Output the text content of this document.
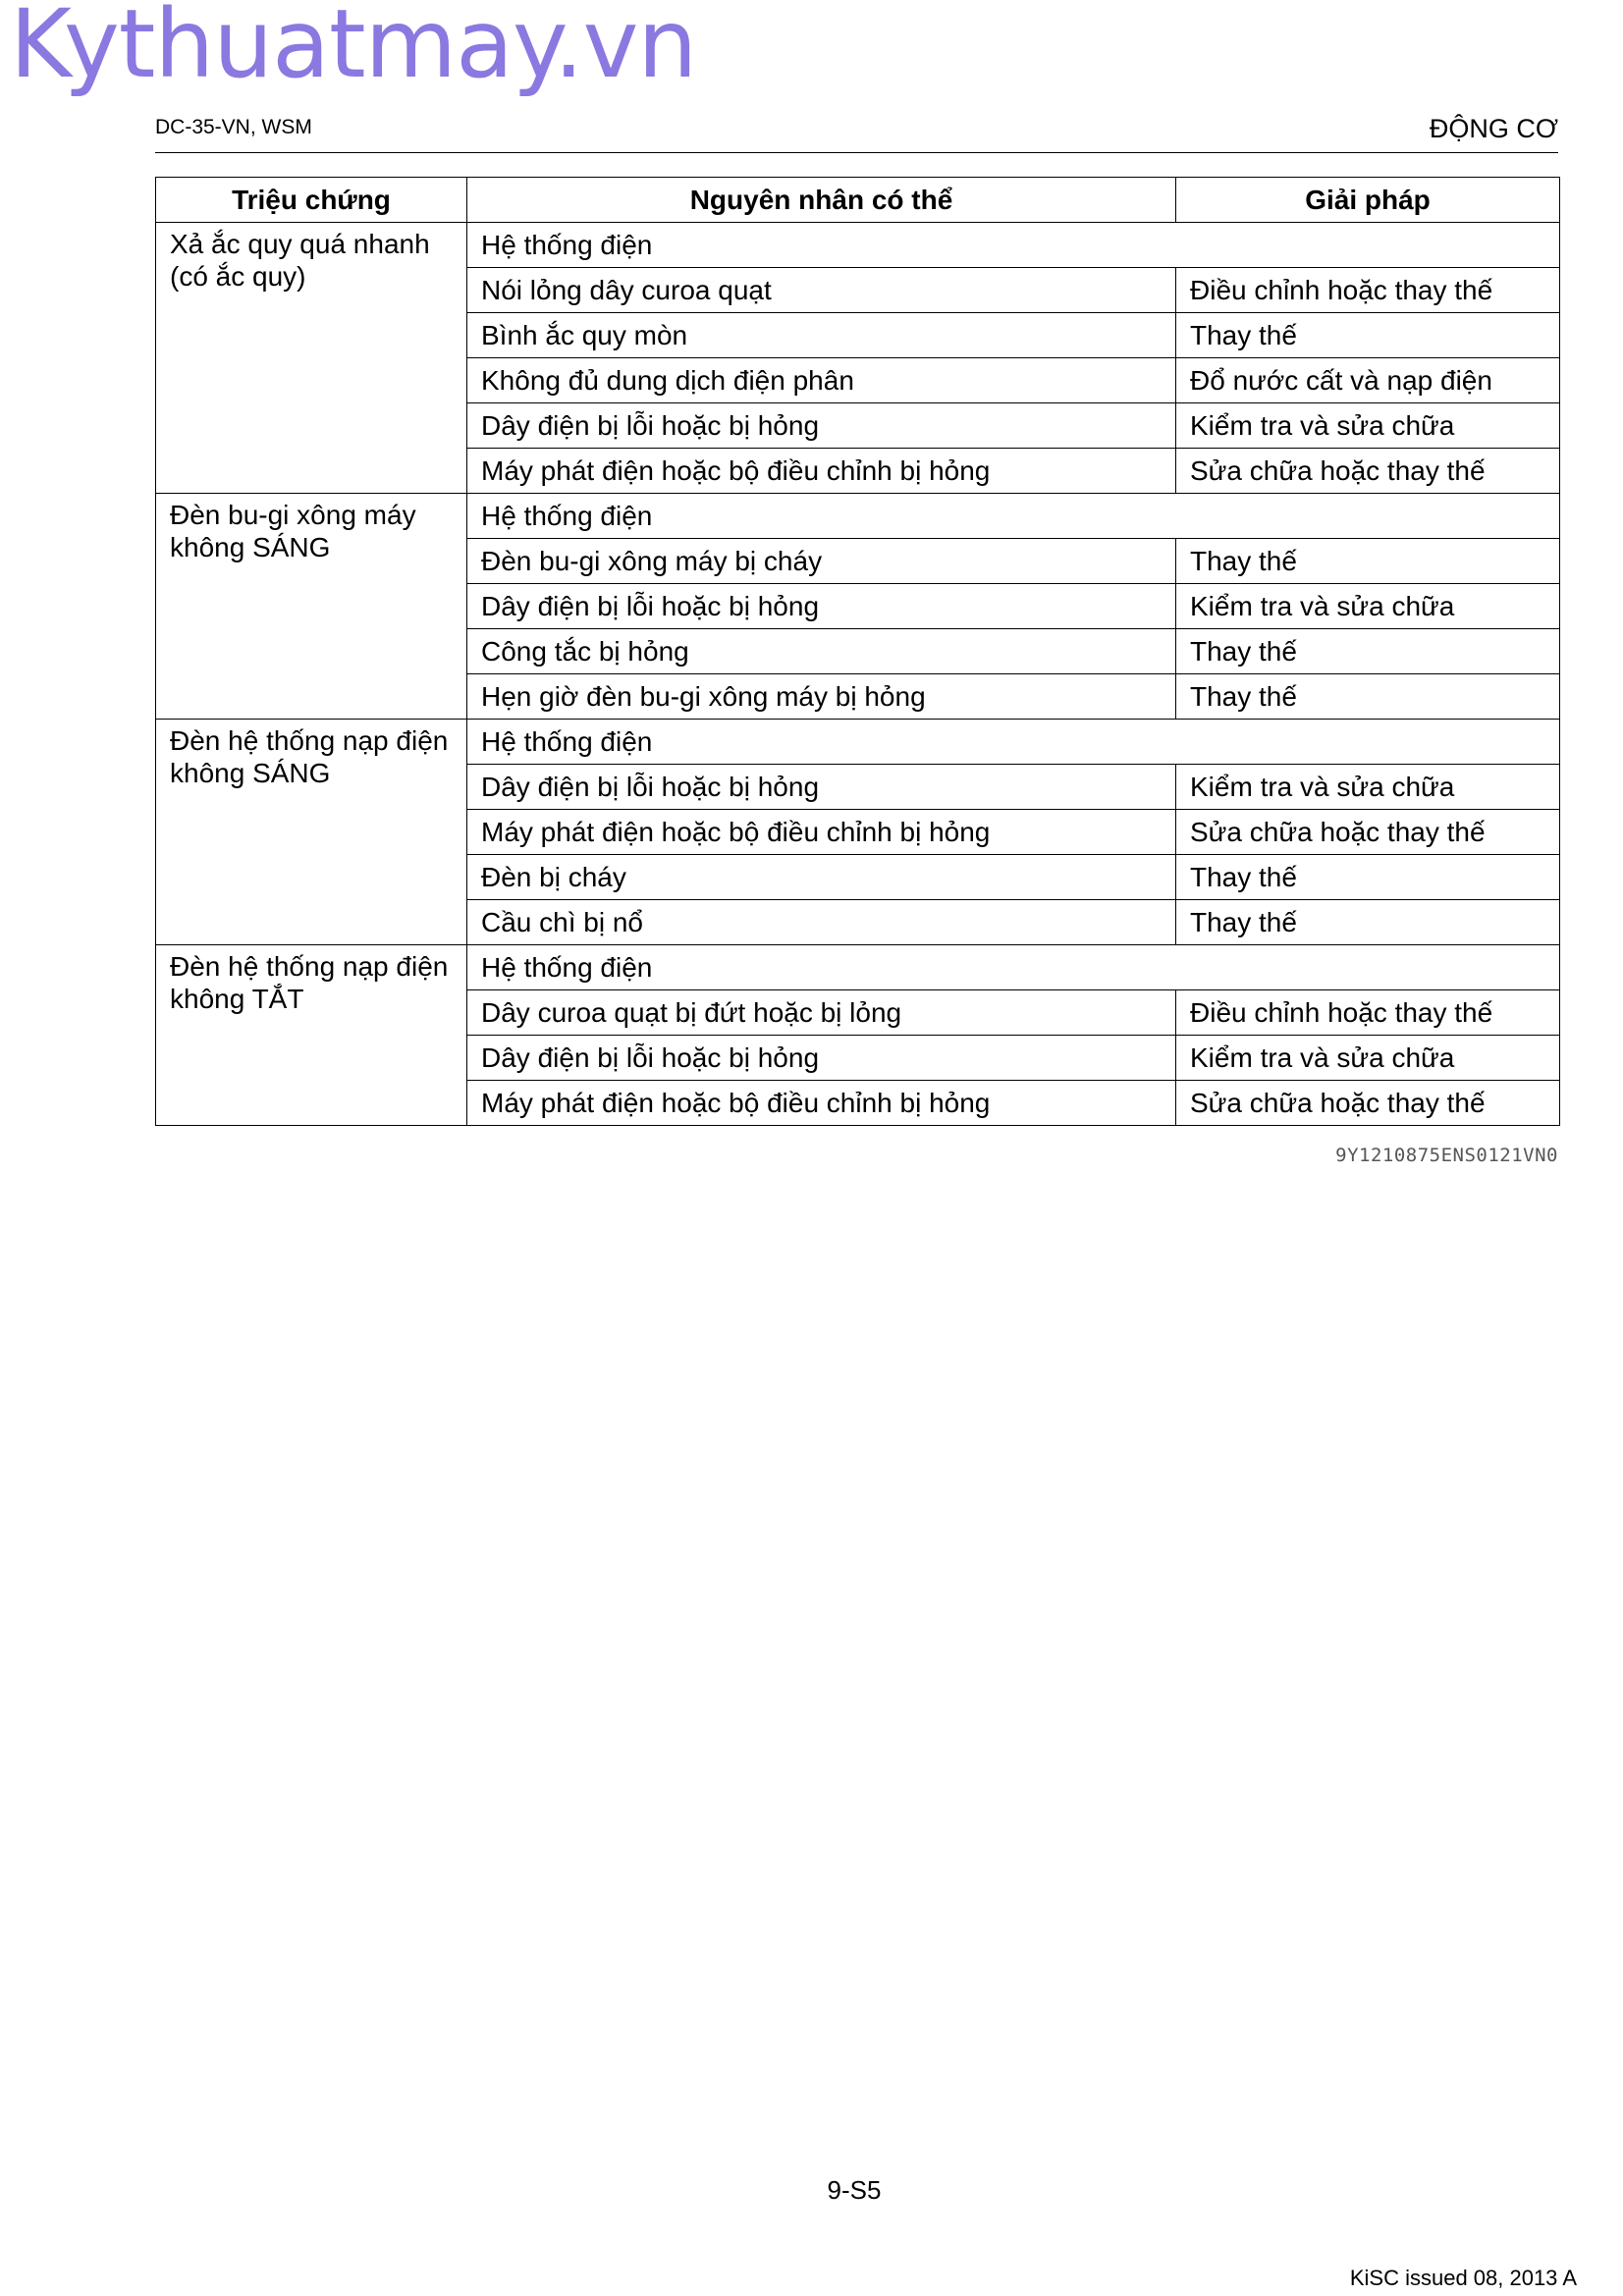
Kythuatmay.vn
DC-35-VN, WSM	ĐỘNG CƠ
Triệu chứng	Nguyên nhân có thể	Giải pháp

Xả ắc quy quá nhanh
(có ắc quy)	Hệ thống điện	
	Nói lỏng dây curoa quạt	Điều chỉnh hoặc thay thế
	Bình ắc quy mòn	Thay thế
	Không đủ dung dịch điện phân	Đổ nước cất và nạp điện
	Dây điện bị lỗi hoặc bị hỏng	Kiểm tra và sửa chữa
	Máy phát điện hoặc bộ điều chỉnh bị hỏng	Sửa chữa hoặc thay thế

Đèn bu-gi xông máy
không SÁNG	Hệ thống điện	
	Đèn bu-gi xông máy bị cháy	Thay thế
	Dây điện bị lỗi hoặc bị hỏng	Kiểm tra và sửa chữa
	Công tắc bị hỏng	Thay thế
	Hẹn giờ đèn bu-gi xông máy bị hỏng	Thay thế

Đèn hệ thống nạp điện
không SÁNG	Hệ thống điện	
	Dây điện bị lỗi hoặc bị hỏng	Kiểm tra và sửa chữa
	Máy phát điện hoặc bộ điều chỉnh bị hỏng	Sửa chữa hoặc thay thế
	Đèn bị cháy	Thay thế
	Cầu chì bị nổ	Thay thế

Đèn hệ thống nạp điện
không TẮT	Hệ thống điện	
	Dây curoa quạt bị đứt hoặc bị lỏng	Điều chỉnh hoặc thay thế
	Dây điện bị lỗi hoặc bị hỏng	Kiểm tra và sửa chữa
	Máy phát điện hoặc bộ điều chỉnh bị hỏng	Sửa chữa hoặc thay thế
9Y1210875ENS0121VN0
9-S5
KiSC issued 08, 2013 A
